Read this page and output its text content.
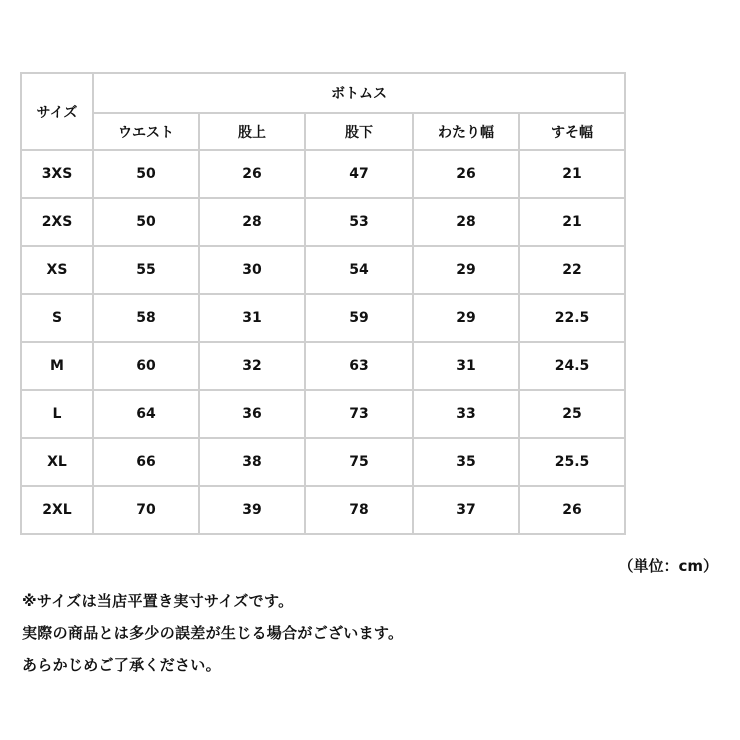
サイズ	ボトムス				
	ウエスト	股上	股下	わたり幅	すそ幅
3XS	50	26	47	26	21
2XS	50	28	53	28	21
XS	55	30	54	29	22
S	58	31	59	29	22.5
M	60	32	63	31	24.5
L	64	36	73	33	25
XL	66	38	75	35	25.5
2XL	70	39	78	37	26
（単位：cm）
※サイズは当店平置き実寸サイズです。
実際の商品とは多少の誤差が生じる場合がございます。
あらかじめご了承ください。
